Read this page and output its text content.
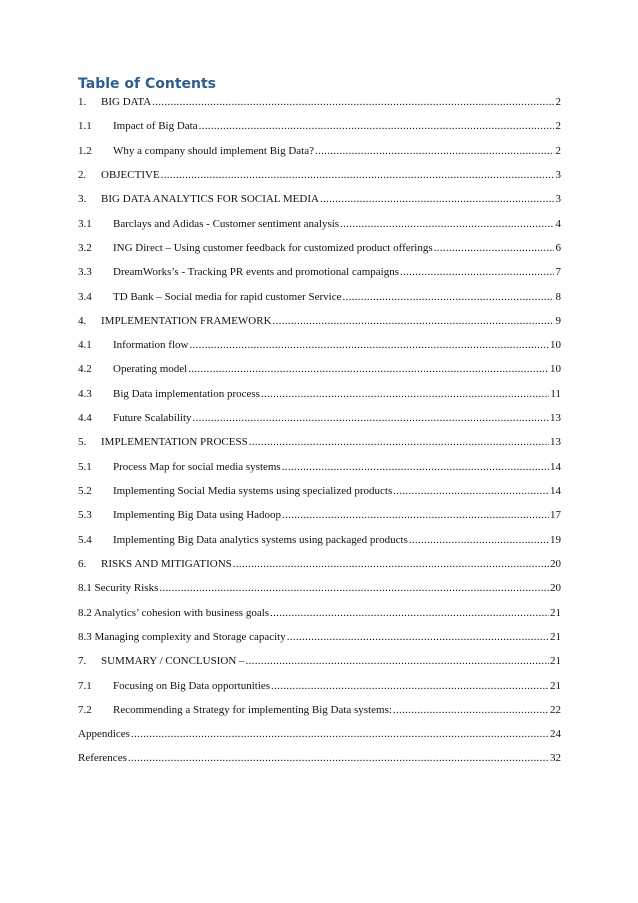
Table of Contents
1.	BIG DATA .....	2
1.1	Impact of Big Data .....	2
1.2	Why a company should implement Big Data? .....	2
2.	OBJECTIVE .....	3
3.	BIG DATA ANALYTICS FOR SOCIAL MEDIA .....	3
3.1	Barclays and Adidas - Customer sentiment analysis .....	4
3.2	ING Direct – Using customer feedback for customized product offerings .....	6
3.3	DreamWorks’s - Tracking PR events and promotional campaigns .....	7
3.4	TD Bank – Social media for rapid customer Service .....	8
4.	IMPLEMENTATION FRAMEWORK .....	9
4.1	Information flow .....	10
4.2	Operating model .....	10
4.3	Big Data implementation process .....	11
4.4	Future Scalability .....	13
5.	IMPLEMENTATION PROCESS .....	13
5.1	Process Map for social media systems .....	14
5.2	Implementing Social Media systems using specialized products .....	14
5.3	Implementing Big Data using Hadoop .....	17
5.4	Implementing Big Data analytics systems using packaged products .....	19
6.	RISKS AND MITIGATIONS .....	20
8.1 Security Risks .....	20
8.2 Analytics’ cohesion with business goals .....	21
8.3 Managing complexity and Storage capacity .....	21
7.	SUMMARY / CONCLUSION – .....	21
7.1	Focusing on Big Data opportunities .....	21
7.2	Recommending a Strategy for implementing Big Data systems: .....	22
Appendices .....	24
References .....	32
